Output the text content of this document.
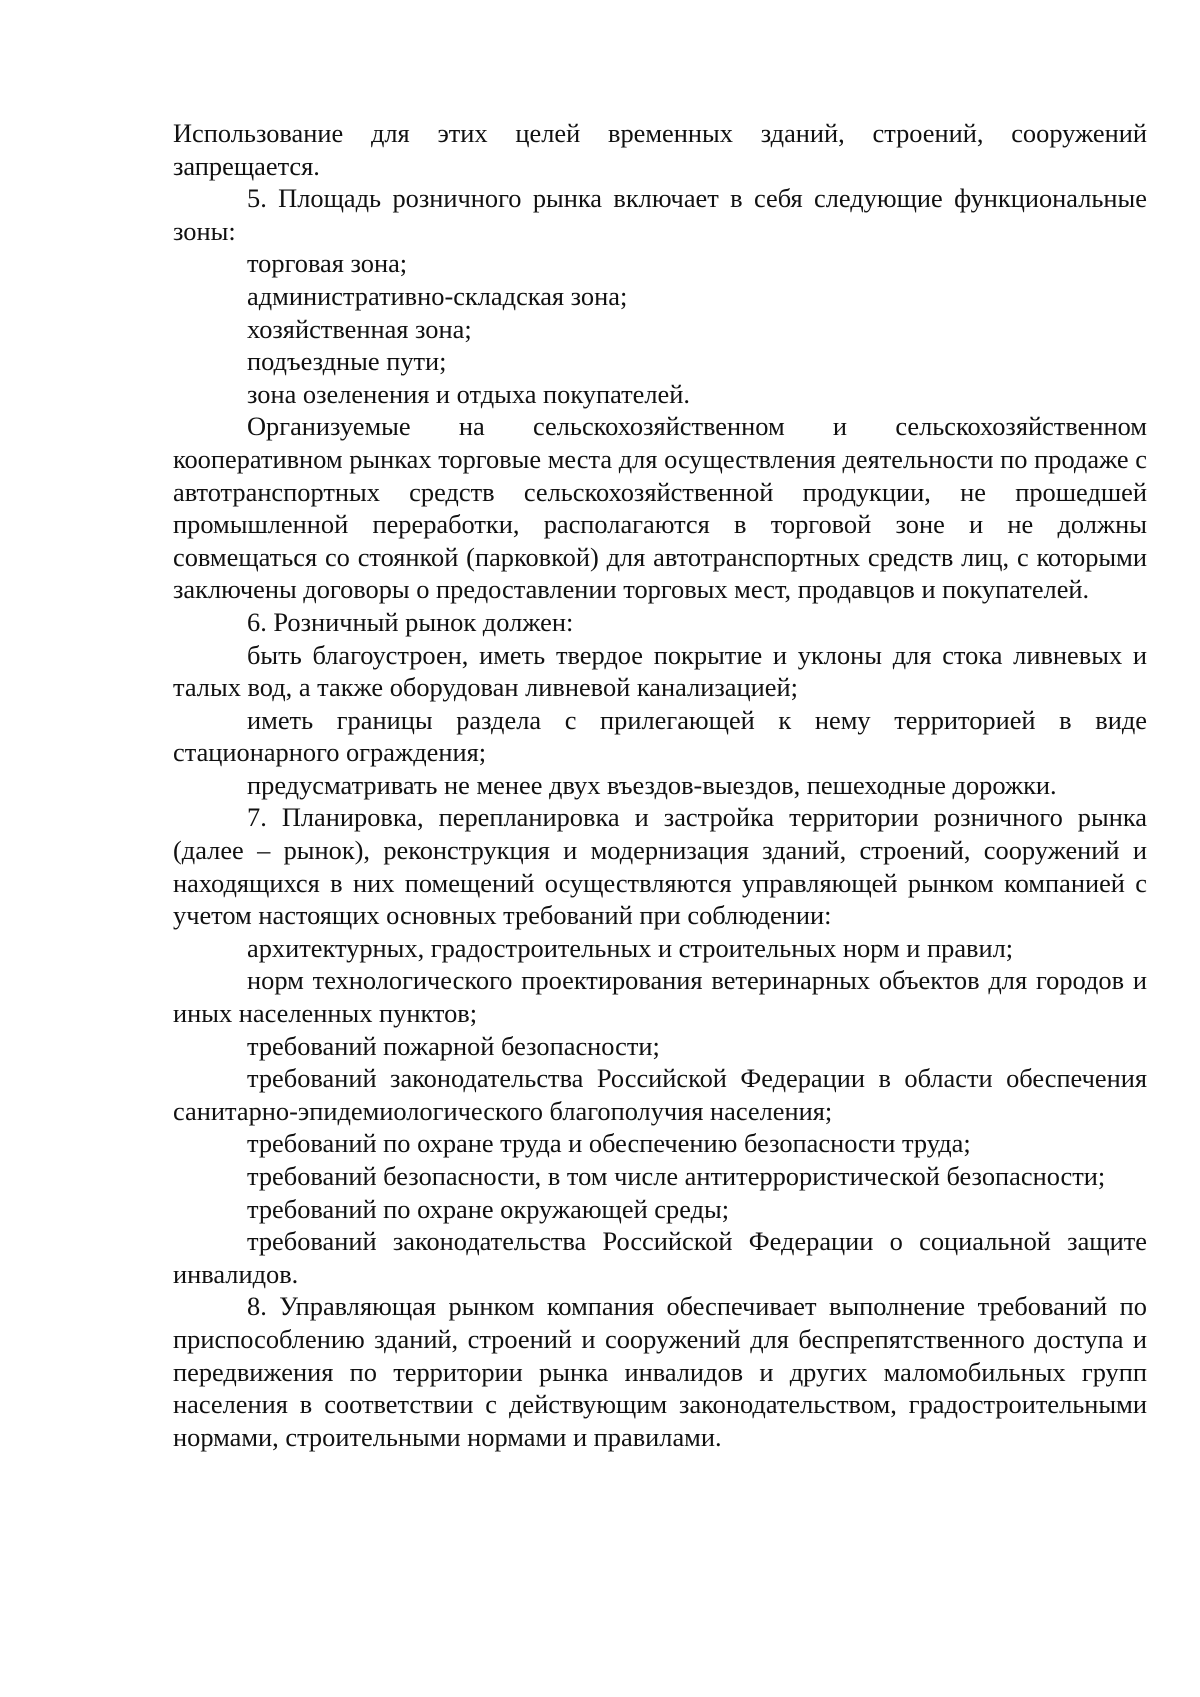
Использование для этих целей временных зданий, строений, сооружений запрещается.

5. Площадь розничного рынка включает в себя следующие функциональные зоны:

торговая зона;

административно-складская зона;

хозяйственная зона;

подъездные пути;

зона озеленения и отдыха покупателей.

Организуемые на сельскохозяйственном и сельскохозяйственном кооперативном рынках торговые места для осуществления деятельности по продаже с автотранспортных средств сельскохозяйственной продукции, не прошедшей промышленной переработки, располагаются в торговой зоне и не должны совмещаться со стоянкой (парковкой) для автотранспортных средств лиц, с которыми заключены договоры о предоставлении торговых мест, продавцов и покупателей.

6. Розничный рынок должен:

быть благоустроен, иметь твердое покрытие и уклоны для стока ливневых и талых вод, а также оборудован ливневой канализацией;

иметь границы раздела с прилегающей к нему территорией в виде стационарного ограждения;

предусматривать не менее двух въездов-выездов, пешеходные дорожки.

7. Планировка, перепланировка и застройка территории розничного рынка (далее – рынок), реконструкция и модернизация зданий, строений, сооружений и находящихся в них помещений осуществляются управляющей рынком компанией с учетом настоящих основных требований при соблюдении:

архитектурных, градостроительных и строительных норм и правил;

норм технологического проектирования ветеринарных объектов для городов и иных населенных пунктов;

требований пожарной безопасности;

требований законодательства Российской Федерации в области обеспечения санитарно-эпидемиологического благополучия населения;

требований по охране труда и обеспечению безопасности труда;

требований безопасности, в том числе антитеррористической безопасности;

требований по охране окружающей среды;

требований законодательства Российской Федерации о социальной защите инвалидов.

8. Управляющая рынком компания обеспечивает выполнение требований по приспособлению зданий, строений и сооружений для беспрепятственного доступа и передвижения по территории рынка инвалидов и других маломобильных групп населения в соответствии с действующим законодательством, градостроительными нормами, строительными нормами и правилами.
